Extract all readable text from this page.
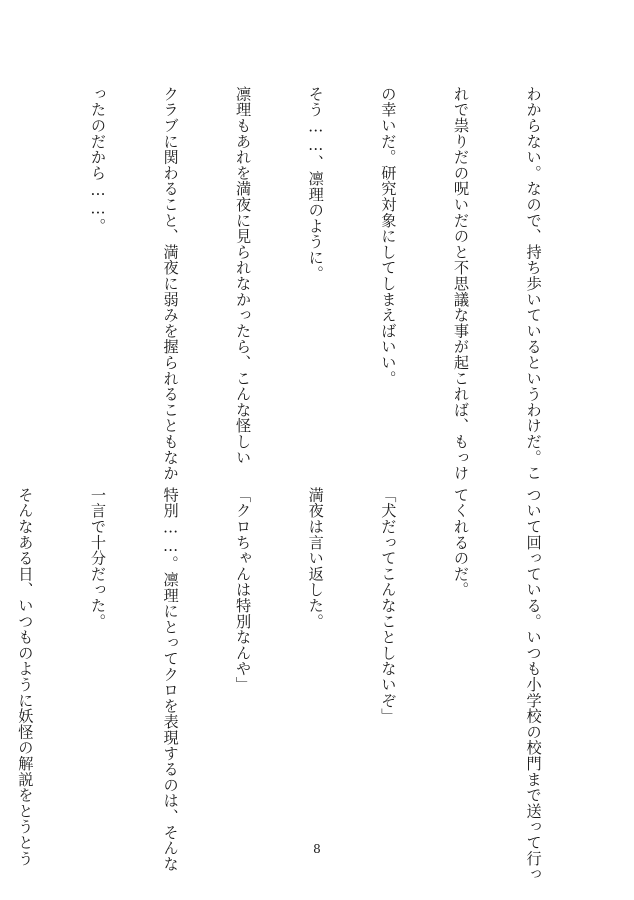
わからない。なので、持ち歩いているというわけだ。こ

れで祟りだの呪いだのと不思議な事が起これば、もっけ

の幸いだ。研究対象にしてしまえばいい。

そう……、凛理のように。

凛理もあれを満夜に見られなかったら、こんな怪しい

クラブに関わること、満夜に弱みを握られることもなか

ったのだから……。

ついて回っている。いつも小学校の校門まで送って行っ

てくれるのだ。

「犬だってこんなことしないぞ」

満夜は言い返した。

「クロちゃんは特別なんや」

特別……。凛理にとってクロを表現するのは、そんな

一言で十分だった。

そんなある日、いつものように妖怪の解説をとうとう

	8
